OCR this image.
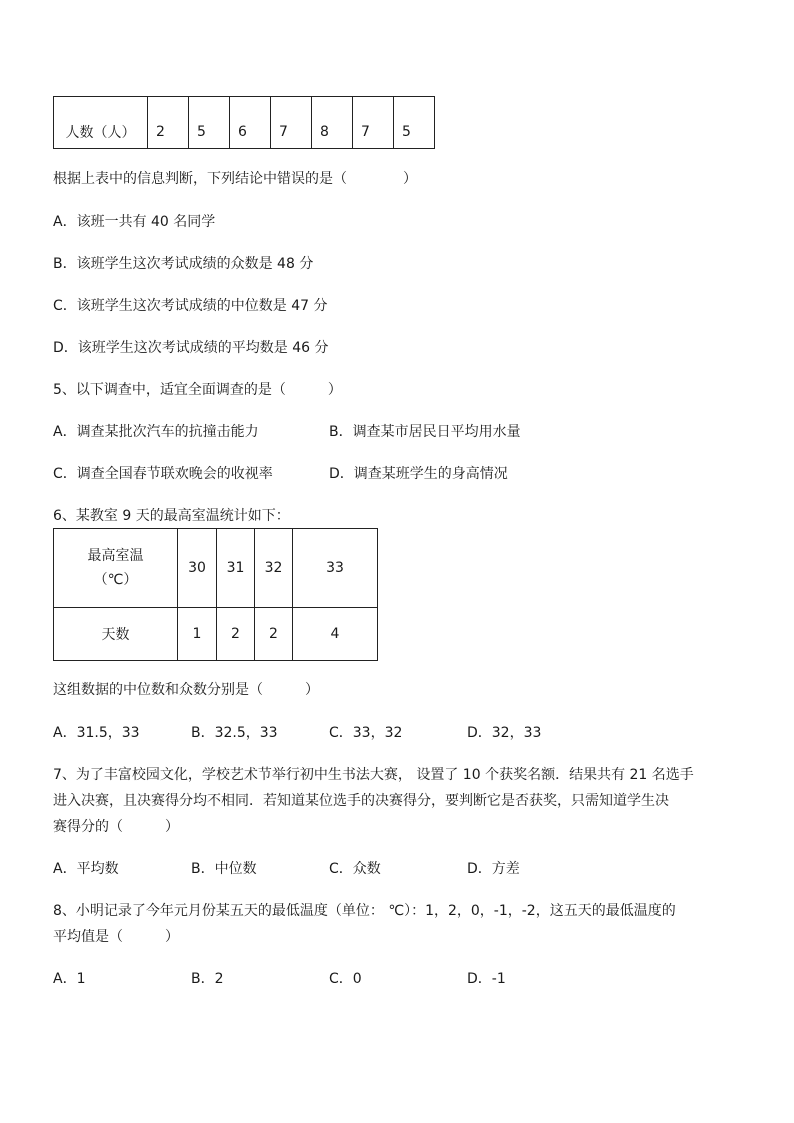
人数（人）	2	5	6	7	8	7	5
根据上表中的信息判断，下列结论中错误的是（　　　　）
A．该班一共有 40 名同学
B．该班学生这次考试成绩的众数是 48 分
C．该班学生这次考试成绩的中位数是 47 分
D．该班学生这次考试成绩的平均数是 46 分
5、以下调查中，适宜全面调查的是（　　　）
A．调查某批次汽车的抗撞击能力	B．调查某市居民日平均用水量
C．调查全国春节联欢晚会的收视率	D．调查某班学生的身高情况
6、某教室 9 天的最高室温统计如下：
最高室温
（℃）	30	31	32	33
天数	1	2	2	4
这组数据的中位数和众数分别是（　　　）
A．31.5，33	B．32.5，33	C．33，32	D．32，33
7、为了丰富校园文化，学校艺术节举行初中生书法大赛， 设置了 10 个获奖名额．结果共有 21 名选手
进入决赛，且决赛得分均不相同．若知道某位选手的决赛得分，要判断它是否获奖，只需知道学生决
赛得分的（　　　）
A．平均数	B．中位数	C．众数	D．方差
8、小明记录了今年元月份某五天的最低温度（单位： ℃）：1，2，0，-1，-2，这五天的最低温度的
平均值是（　　　）
A．1	B．2	C．0	D．-1
